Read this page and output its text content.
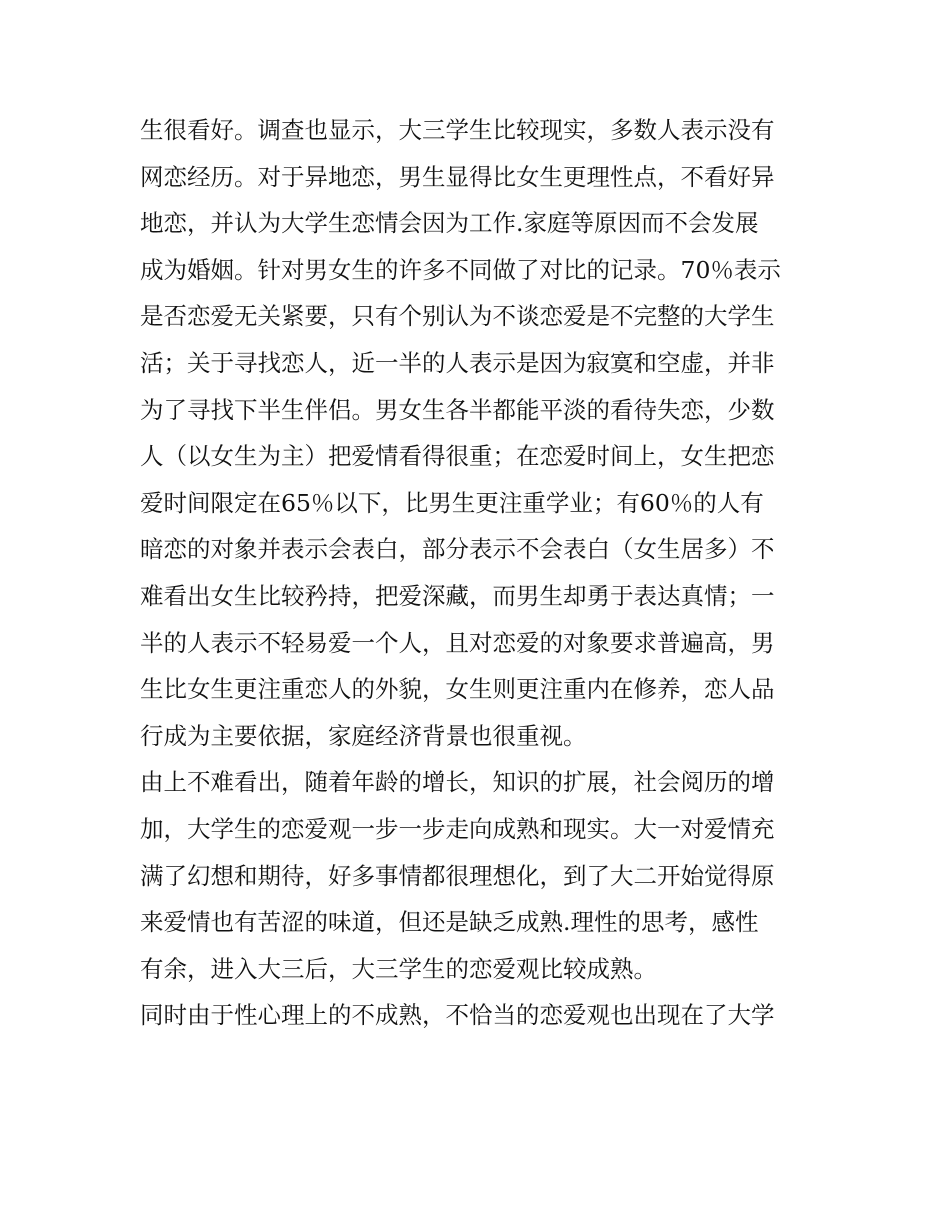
生很看好。调查也显示，大三学生比较现实，多数人表示没有
网恋经历。对于异地恋，男生显得比女生更理性点，不看好异
地恋，并认为大学生恋情会因为工作.家庭等原因而不会发展
成为婚姻。针对男女生的许多不同做了对比的记录。70％表示
是否恋爱无关紧要，只有个别认为不谈恋爱是不完整的大学生
活；关于寻找恋人，近一半的人表示是因为寂寞和空虚，并非
为了寻找下半生伴侣。男女生各半都能平淡的看待失恋，少数
人（以女生为主）把爱情看得很重；在恋爱时间上，女生把恋
爱时间限定在65％以下，比男生更注重学业；有60％的人有
暗恋的对象并表示会表白，部分表示不会表白（女生居多）不
难看出女生比较矜持，把爱深藏，而男生却勇于表达真情；一
半的人表示不轻易爱一个人，且对恋爱的对象要求普遍高，男
生比女生更注重恋人的外貌，女生则更注重内在修养，恋人品
行成为主要依据，家庭经济背景也很重视。
由上不难看出，随着年龄的增长，知识的扩展，社会阅历的增
加，大学生的恋爱观一步一步走向成熟和现实。大一对爱情充
满了幻想和期待，好多事情都很理想化，到了大二开始觉得原
来爱情也有苦涩的味道，但还是缺乏成熟.理性的思考，感性
有余，进入大三后，大三学生的恋爱观比较成熟。
同时由于性心理上的不成熟，不恰当的恋爱观也出现在了大学
